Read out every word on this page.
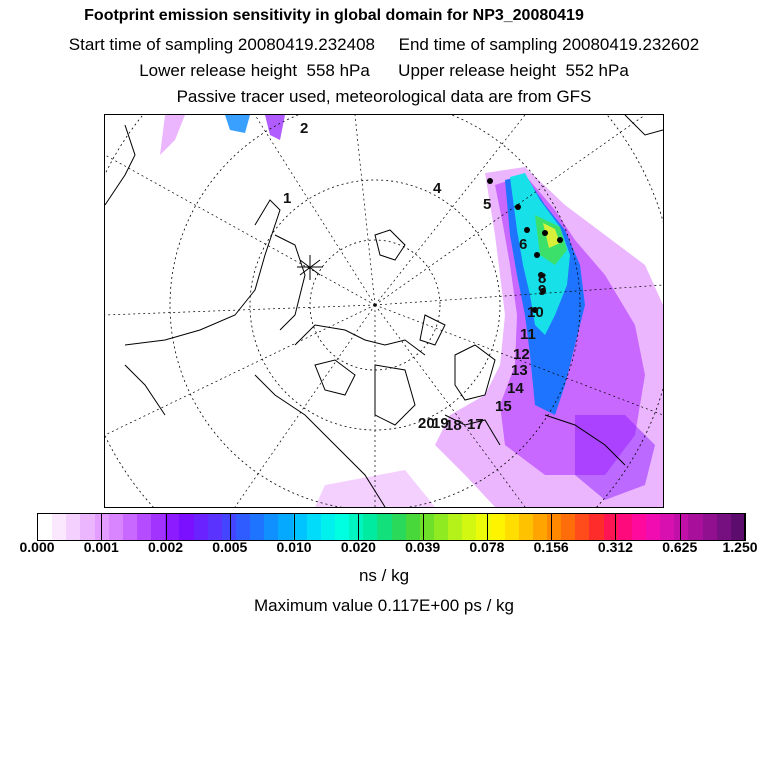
Footprint emission sensitivity in global domain for NP3_20080419
Start time of sampling 20080419.232408 End time of sampling 20080419.232602
Lower release height  558 hPa Upper release height  552 hPa
Passive tracer used, meteorological data are from GFS
1
2
4
5
6
8
9
10
11
12
13
14
15
17
18
19
20
0.000 0.001 0.002 0.005 0.010 0.020 0.039 0.078 0.156 0.312 0.625 1.250
ns / kg
Maximum value 0.117E+00 ps / kg
